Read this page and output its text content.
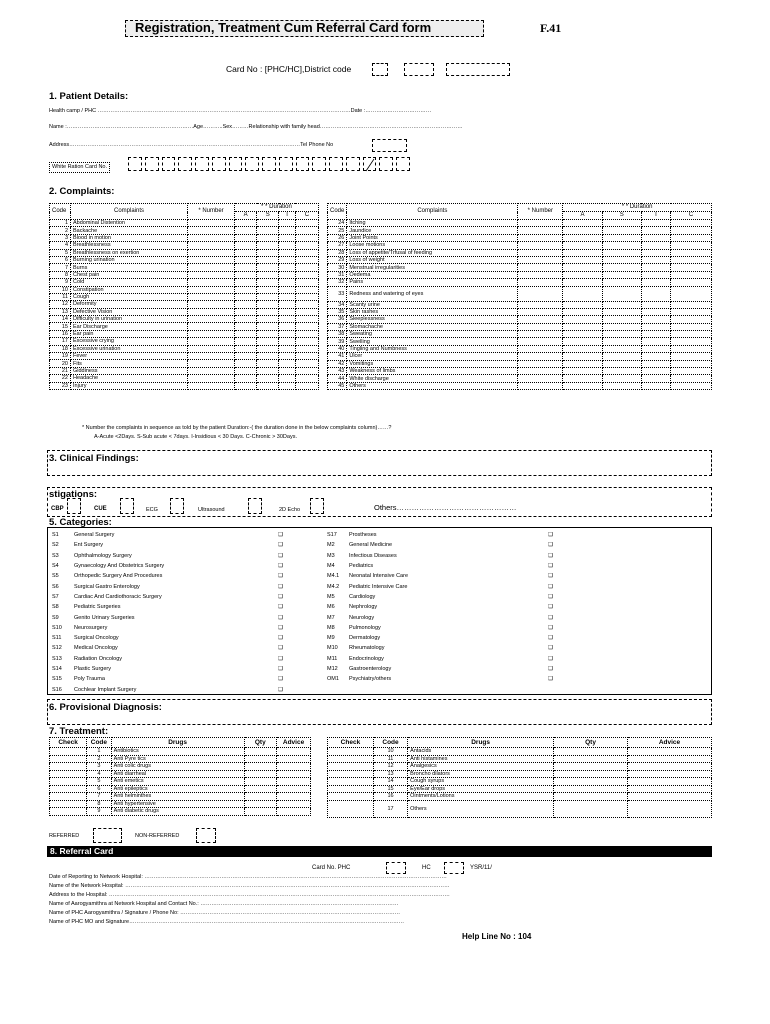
Registration, Treatment Cum Referral Card form	F.41
Card No : [PHC/HC],District code
1. Patient Details:
Health camp / PHC …………………………………………………………………………………………………………………………Date :………………………………
Name :……………………………………………………………Age………..Sex………Relationship with family head……………………………………………………………………
Address………………………………………………………………………………………………………………Tel Phone No
White Ration Card No.
2. Complaints:
Code	Complaints	* Number	* * Duration			
			A	S	I	C
1	Abdominal Distention					
2	Backache					
3	Blood in motion					
4	Breathlessness					
5	Breathlessness on exertion					
6	Burning urination					
7	Burns					
8	Chest pain					
9	Cold					
10	Constipation					
11	Cough					
12	Deformity					
13	Defective Vision					
14	Difficulty in urination					
15	Ear Discharge					
16	Ear pain					
17	Excessive crying					
18	Excessive urination					
19	Fever					
20	Fits					
21	Giddiness					
22	Headache					
23	Injury					
Code	Complaints	* Number	* * Duration			
			A	S	I	C
24	Itching					
25	Jaundice					
26	Joint Points					
27	Loose motions					
28	Loss of appetite/Trfusal of feeding					
29	Loss of weight					
30	Menstrual irregularities					
31	Oedema					
32	Pains					
33	Redness and watering of eyes					
34	Scanty urine					
35	Skin rashes					
36	Sleeplessness					
37	Stomachache					
38	Sweating					
39	Swelling					
40	Tingling and Numbness					
41	Ulcer					
42	Vomitings					
43	Weakness of limbs					
44	White discharge					
45	Others					
* Number the complaints in sequence as told by the patient Duration:-( the duration done in the below complaints column)……?
A-Acute <2Days. S-Sub acute < 7days. I-Insidious < 30 Days. C-Chronic > 30Days.
3. Clinical Findings:
stigations:
CBP	CUE	ECG	Ultrasound	2D Echo	Others…………………………………………
5. Categories:
S1	General Surgery	❑
S2	Ent Surgery	❑
S3	Ophthalmology Surgery	❑
S4	Gynaecology And Obstetrics Surgery	❑
S5	Orthopedic Surgery And Procedures	❑
S6	Surgical Gastro Enterology	❑
S7	Cardiac And Cardiothoracic Surgery	❑
S8	Pediatric Surgeries	❑
S9	Genito Urinary Surgeries	❑
S10	Neurosurgery	❑
S11	Surgical Oncology	❑
S12	Medical Oncology	❑
S13	Radiation Oncology	❑
S14	Plastic Surgery	❑
S15	Poly Trauma	❑
S16	Cochlear Implant Surgery	❑
S17	Prostheses	❑
M2	General Medicine	❑
M3	Infectious Diseases	❑
M4	Pediatrics	❑
M4.1	Neonatal Intensive Care	❑
M4.2	Pediatric Intensive Care	❑
M5	Cardiology	❑
M6	Nephrology	❑
M7	Neurology	❑
M8	Pulmonology	❑
M9	Dermatology	❑
M10	Rheumatology	❑
M11	Endocrinology	❑
M12	Gastroenterology	❑
OM1	Psychiatry/others	❑
6. Provisional Diagnosis:
7. Treatment:
Check	Code	Drugs	Qty	Advice
	1	Antibiotics		
	2	Anti Pyre tics		
	3	Anti colic drugs		
	4	Anti diarrheal		
	5	Anti emetics		
	6	Anti epileptics		
	7	Anti helminthes		
	8	Anti hypertensive		
	9	Anti diabetic drugs		
Check	Code	Drugs	Qty	Advice
	10	Antacids		
	11	Anti histamines		
	12	Analgesics		
	13	Broncho dilators		
	14	Cough syrups		
	15	Eye/Ear drops		
	16	Ointments/Lotions		
	17	Others		
REFERRED	NON-REFERRED
8. Referral Card
Card No. PHC	HC	YSR/11/
Date of Reporting to Network Hospital: …………………………………………………………………………………………………………………………………………………
Name of the Network Hospital: ……………………………………………………………………………………………………………………………………………………………
Address to the Hospital: ……………………………………………………………………………………………………………………………………………………………………
Name of Aarogyamithra at Network Hospital and Contact No.: ………………………………………………………………………………………………
Name of PHC Aarogyamithra / Signature / Phone No: …………………………………………………………………………………………………………
Name of PHC MO and Signature……………………………………………………………………………………………………………………………………
Help Line No : 104
